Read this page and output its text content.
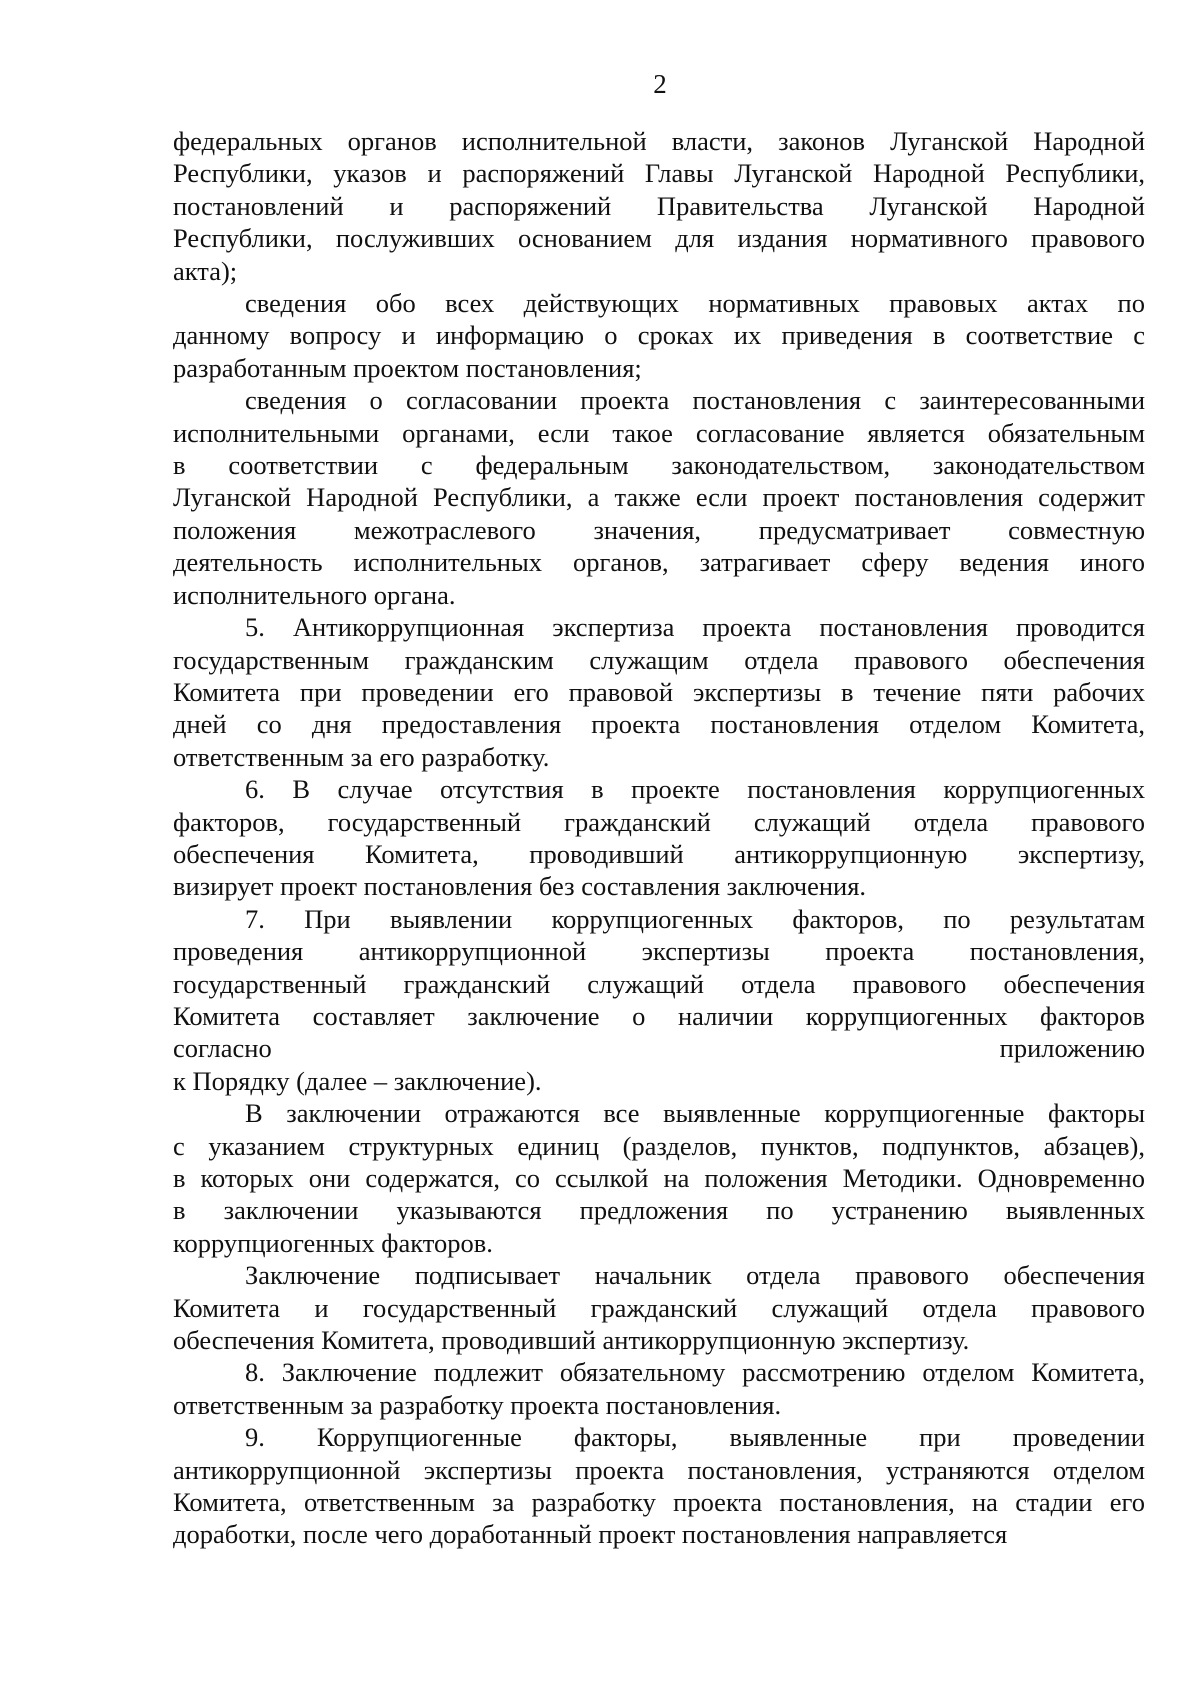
2
федеральных органов исполнительной власти, законов Луганской Народной
Республики, указов и распоряжений Главы Луганской Народной Республики,
постановлений и распоряжений Правительства Луганской Народной
Республики, послуживших основанием для издания нормативного правового
акта);
сведения обо всех действующих нормативных правовых актах по
данному вопросу и информацию о сроках их приведения в соответствие с
разработанным проектом постановления;
сведения о согласовании проекта постановления с заинтересованными
исполнительными органами, если такое согласование является обязательным
в соответствии с федеральным законодательством, законодательством
Луганской Народной Республики, а также если проект постановления содержит
положения межотраслевого значения, предусматривает совместную
деятельность исполнительных органов, затрагивает сферу ведения иного
исполнительного органа.
5. Антикоррупционная экспертиза проекта постановления проводится
государственным гражданским служащим отдела правового обеспечения
Комитета при проведении его правовой экспертизы в течение пяти рабочих
дней со дня предоставления проекта постановления отделом Комитета,
ответственным за его разработку.
6. В случае отсутствия в проекте постановления коррупциогенных
факторов, государственный гражданский служащий отдела правового
обеспечения Комитета, проводивший антикоррупционную экспертизу,
визирует проект постановления без составления заключения.
7. При выявлении коррупциогенных факторов, по результатам
проведения антикоррупционной экспертизы проекта постановления,
государственный гражданский служащий отдела правового обеспечения
Комитета составляет заключение о наличии коррупциогенных факторов
согласно приложению
к Порядку (далее – заключение).
В заключении отражаются все выявленные коррупциогенные факторы
с указанием структурных единиц (разделов, пунктов, подпунктов, абзацев),
в которых они содержатся, со ссылкой на положения Методики. Одновременно
в заключении указываются предложения по устранению выявленных
коррупциогенных факторов.
Заключение подписывает начальник отдела правового обеспечения
Комитета и государственный гражданский служащий отдела правового
обеспечения Комитета, проводивший антикоррупционную экспертизу.
8. Заключение подлежит обязательному рассмотрению отделом Комитета,
ответственным за разработку проекта постановления.
9. Коррупциогенные факторы, выявленные при проведении
антикоррупционной экспертизы проекта постановления, устраняются отделом
Комитета, ответственным за разработку проекта постановления, на стадии его
доработки, после чего доработанный проект постановления направляется
